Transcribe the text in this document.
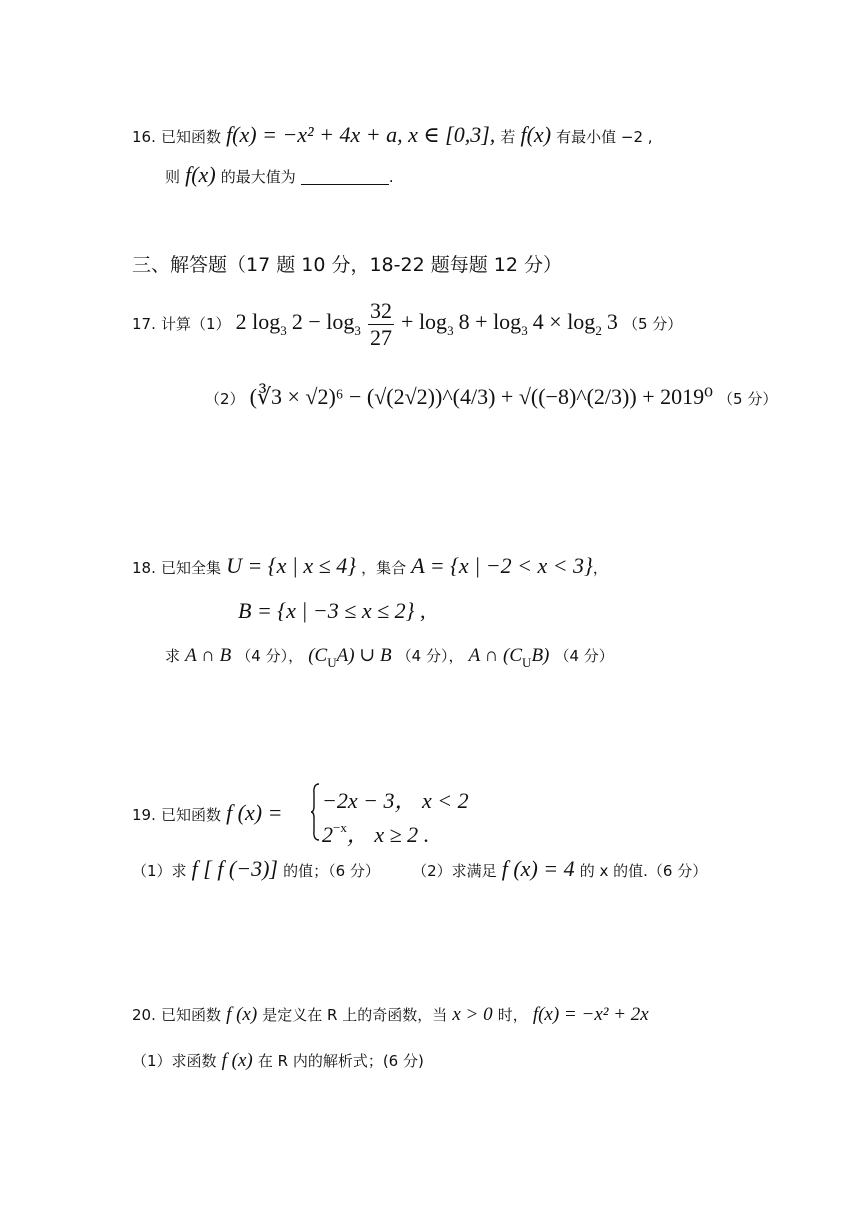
16. 已知函数 f(x) = −x² + 4x + a, x ∈ [0,3], 若 f(x) 有最小值 −2 ,
则 f(x) 的最大值为	.
三、解答题（17 题 10 分，18-22 题每题 12 分）
17. 计算（1） 2 $\log_3 2 - \log_3 \frac{32}{27} + \log_3 8 + \log_3 4 \times \log_2 3$ （5 分）
（2） (∛3 × √2)⁶ − (√(2√2))^(4/3) + √((−8)^(2/3)) + 2019⁰ （5 分）
18. 已知全集 U = {x | x ≤ 4} ，集合 A = {x | −2 < x < 3}，
B = {x | −3 ≤ x ≤ 2} ,
求 A ∩ B （4 分）， $(C_UA)$ ∪ B （4 分）， A ∩ $(C_UB)$ （4 分）
19. 已知函数 f (x) = −2x − 3， x < 2
$2^{-x}$， x ≥ 2 .
（1）求 f [ f (−3)] 的值；（6 分） （2）求满足 f (x) = 4 的 x 的值.（6 分）
20. 已知函数 f (x) 是定义在 R 上的奇函数，当 x > 0 时， f(x) = −x² + 2x
（1）求函数 f (x) 在 R 内的解析式；(6 分)
